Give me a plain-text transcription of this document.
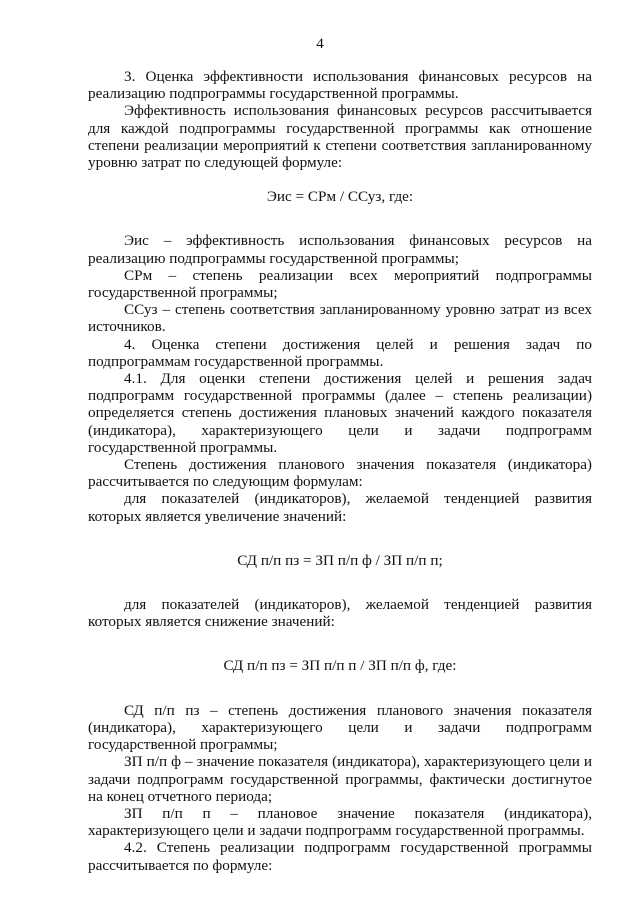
4

3. Оценка эффективности использования финансовых ресурсов на реализацию подпрограммы государственной программы.

Эффективность использования финансовых ресурсов рассчитывается для каждой подпрограммы государственной программы как отношение степени реализации мероприятий к степени соответствия запланированному уровню затрат по следующей формуле:

Эис = СРм / ССуз, где:

Эис – эффективность использования финансовых ресурсов на реализацию подпрограммы государственной программы;

СРм – степень реализации всех мероприятий подпрограммы государственной программы;

ССуз – степень соответствия запланированному уровню затрат из всех источников.

4. Оценка степени достижения целей и решения задач по подпрограммам государственной программы.

4.1. Для оценки степени достижения целей и решения задач подпрограмм государственной программы (далее – степень реализации) определяется степень достижения плановых значений каждого показателя (индикатора), характеризующего цели и задачи подпрограмм государственной программы.

Степень достижения планового значения показателя (индикатора) рассчитывается по следующим формулам:

для показателей (индикаторов), желаемой тенденцией развития которых является увеличение значений:

СД п/п пз = ЗП п/п ф / ЗП п/п п;

для показателей (индикаторов), желаемой тенденцией развития которых является снижение значений:

СД п/п пз = ЗП п/п п / ЗП п/п ф, где:

СД п/п пз – степень достижения планового значения показателя (индикатора), характеризующего цели и задачи подпрограмм государственной программы;

ЗП п/п ф – значение показателя (индикатора), характеризующего цели и задачи подпрограмм государственной программы, фактически достигнутое на конец отчетного периода;

ЗП п/п п – плановое значение показателя (индикатора), характеризующего цели и задачи подпрограмм государственной программы.

4.2. Степень реализации подпрограмм государственной программы рассчитывается по формуле:
